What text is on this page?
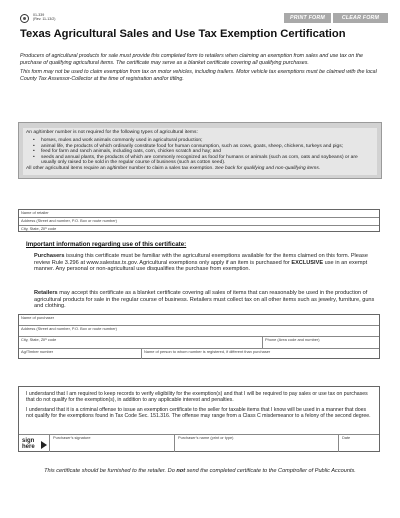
01-339
(Rev. 11-13/2)	PRINT FORM	CLEAR FORM
Texas Agricultural Sales and Use Tax Exemption Certification

Producers of agricultural products for sale must provide this completed form to retailers when claiming an exemption from sales and use tax on the purchase of qualifying agricultural items. The certificate may serve as a blanket certificate covering all qualifying purchases.

This form may not be used to claim exemption from tax on motor vehicles, including trailers. Motor vehicle tax exemptions must be claimed with the local County Tax Assessor-Collector at the time of registration and/or titling.

An ag/timber number is not required for the following types of agricultural items:

• horses, mules and work animals commonly used in agricultural production;
• animal life, the products of which ordinarily constitute food for human consumption, such as cows, goats, sheep, chickens, turkeys and pigs;
• feed for farm and ranch animals, including oats, corn, chicken scratch and hay; and
• seeds and annual plants, the products of which are commonly recognized as food for humans or animals (such as corn, oats and soybeans) or are usually only raised to be sold in the regular course of business (such as cotton seed).

All other agricultural items require an ag/timber number to claim a sales tax exemption. See back for qualifying and non-qualifying items.

Name of retailer
Address (Street and number, P.O. Box or route number)
City, State, ZIP code

Important information regarding use of this certificate:

Purchasers issuing this certificate must be familiar with the agricultural exemptions available for the items claimed on this form. Please review Rule 3.296 at www.salestax.tx.gov. Agricultural exemptions only apply if an item is purchased for EXCLUSIVE use in an exempt manner. Any personal or non-agricultural use disqualifies the purchase from exemption.

Retailers may accept this certificate as a blanket certificate covering all sales of items that can reasonably be used in the production of agricultural products for sale in the regular course of business. Retailers must collect tax on all other items such as jewelry, furniture, guns and clothing.

Name of purchaser
Address (Street and number, P.O. Box or route number)
City, State, ZIP code	Phone (Area code and number)
Ag/Timber number	Name of person to whom number is registered, if different than purchaser

I understand that I am required to keep records to verify eligibility for the exemption(s) and that I will be required to pay sales or use tax on purchases that do not qualify for the exemption(s), in addition to any applicable interest and penalties.

I understand that it is a criminal offense to issue an exemption certificate to the seller for taxable items that I know will be used in a manner that does not qualify for the exemptions found in Tax Code Sec. 151.316. The offense may range from a Class C misdemeanor to a felony of the second degree.

sign here
Purchaser's signature	Purchaser's name (print or type)	Date

This certificate should be furnished to the retailer. Do not send the completed certificate to the Comptroller of Public Accounts.
